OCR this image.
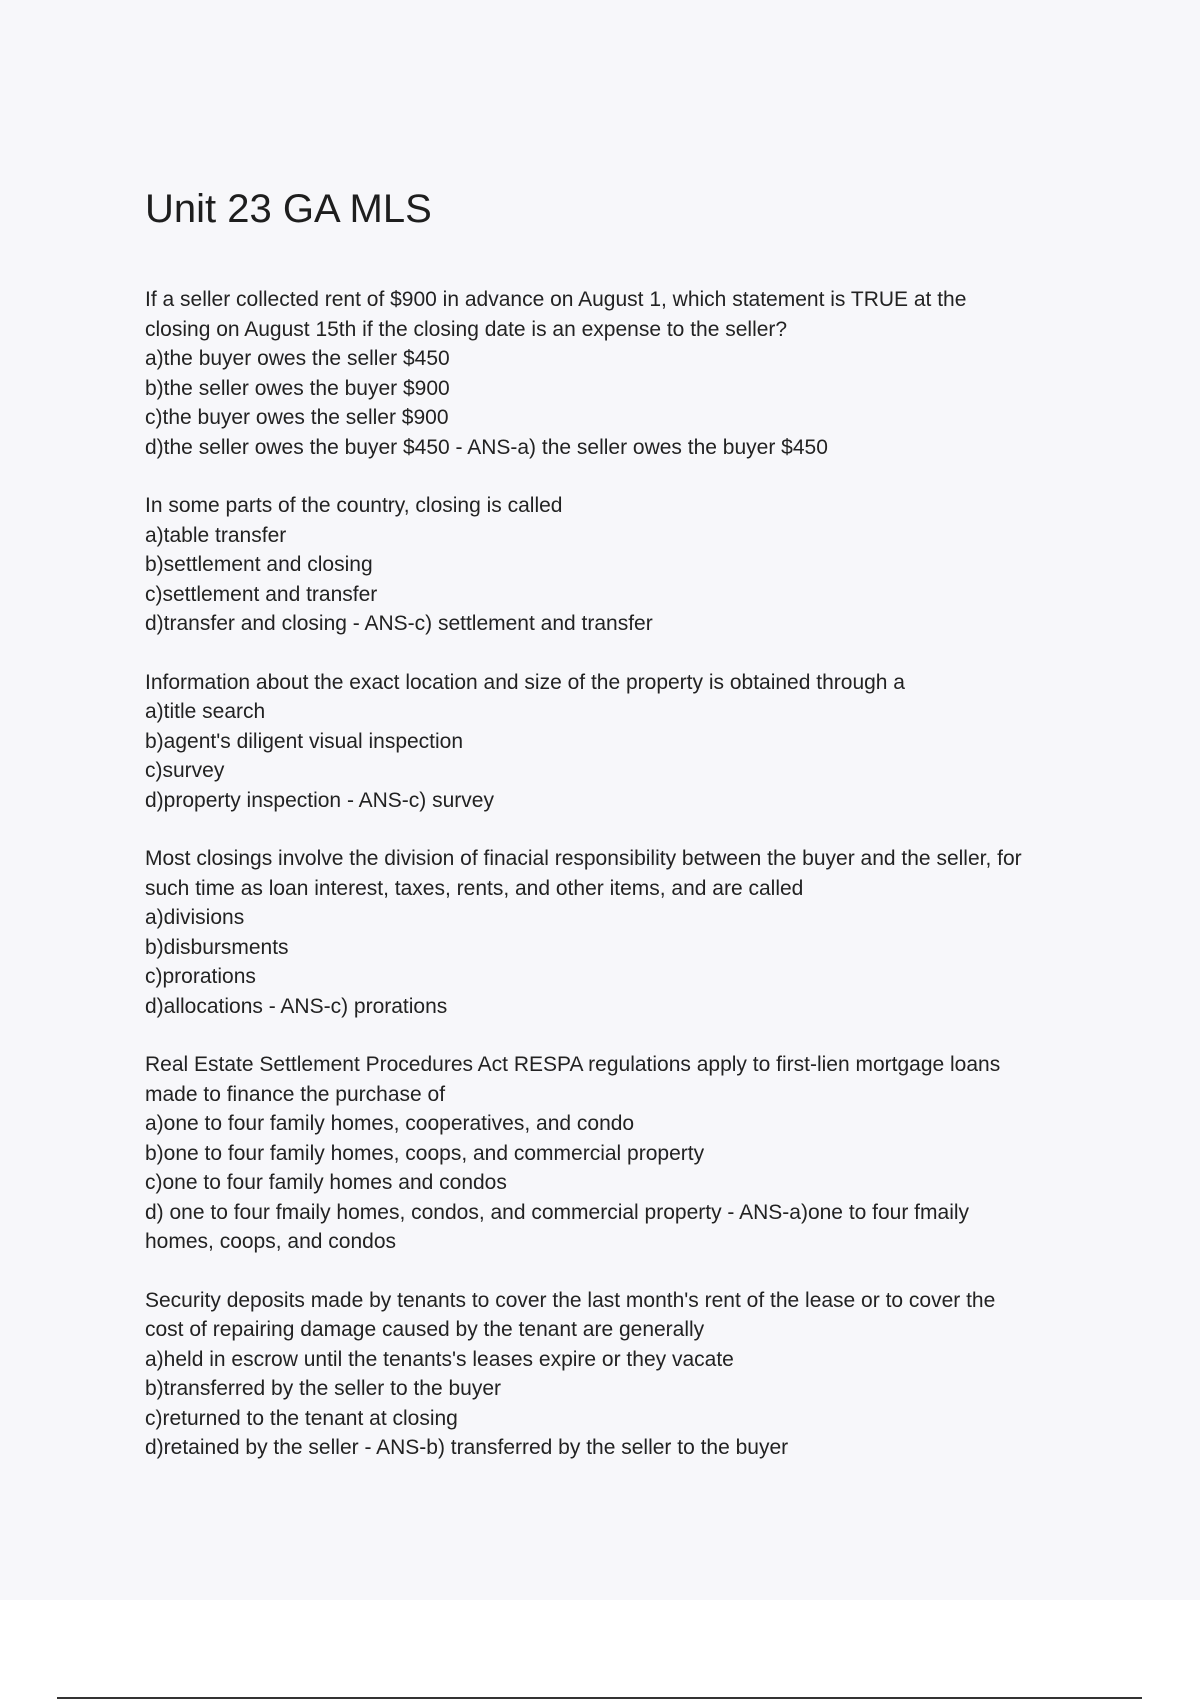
Unit 23 GA MLS
If a seller collected rent of $900 in advance on August 1, which statement is TRUE at the
closing on August 15th if the closing date is an expense to the seller?
a)the buyer owes the seller $450
b)the seller owes the buyer $900
c)the buyer owes the seller $900
d)the seller owes the buyer $450 - ANS-a) the seller owes the buyer $450
In some parts of the country, closing is called
a)table transfer
b)settlement and closing
c)settlement and transfer
d)transfer and closing - ANS-c) settlement and transfer
Information about the exact location and size of the property is obtained through a
a)title search
b)agent's diligent visual inspection
c)survey
d)property inspection - ANS-c) survey
Most closings involve the division of finacial responsibility between the buyer and the seller, for
such time as loan interest, taxes, rents, and other items, and are called
a)divisions
b)disbursments
c)prorations
d)allocations - ANS-c) prorations
Real Estate Settlement Procedures Act RESPA regulations apply to first-lien mortgage loans
made to finance the purchase of
a)one to four family homes, cooperatives, and condo
b)one to four family homes, coops, and commercial property
c)one to four family homes and condos
d) one to four fmaily homes, condos, and commercial property - ANS-a)one to four fmaily
homes, coops, and condos
Security deposits made by tenants to cover the last month's rent of the lease or to cover the
cost of repairing damage caused by the tenant are generally
a)held in escrow until the tenants's leases expire or they vacate
b)transferred by the seller to the buyer
c)returned to the tenant at closing
d)retained by the seller - ANS-b) transferred by the seller to the buyer
